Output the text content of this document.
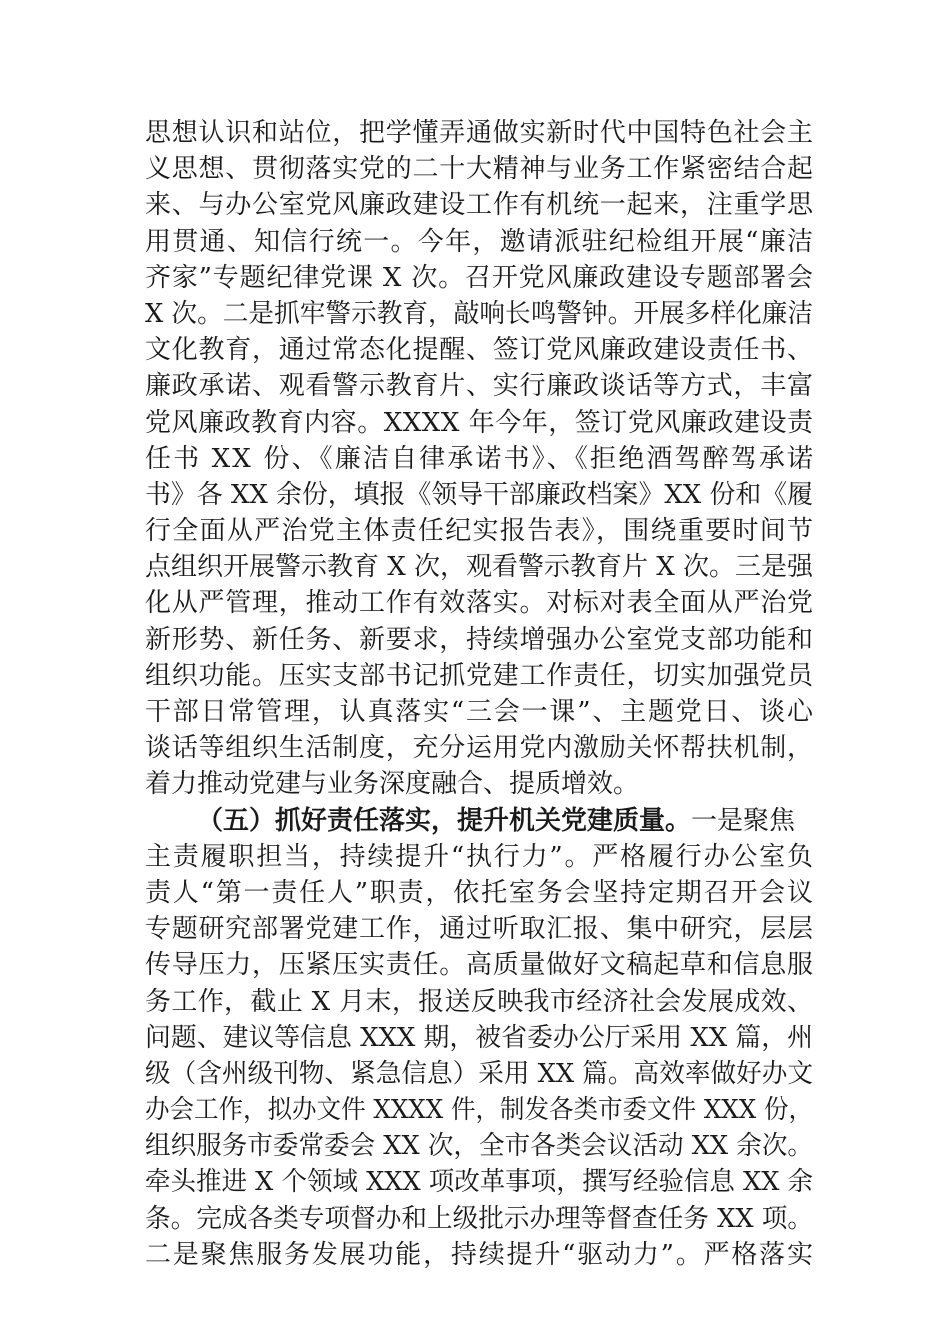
思想认识和站位，把学懂弄通做实新时代中国特色社会主
义思想、贯彻落实党的二十大精神与业务工作紧密结合起
来、与办公室党风廉政建设工作有机统一起来，注重学思
用贯通、知信行统一。今年，邀请派驻纪检组开展“廉洁
齐家”专题纪律党课 X 次。召开党风廉政建设专题部署会
X 次。二是抓牢警示教育，敲响长鸣警钟。开展多样化廉洁
文化教育，通过常态化提醒、签订党风廉政建设责任书、
廉政承诺、观看警示教育片、实行廉政谈话等方式，丰富
党风廉政教育内容。XXXX 年今年，签订党风廉政建设责
任书 XX 份、《廉洁自律承诺书》、《拒绝酒驾醉驾承诺
书》各 XX 余份，填报《领导干部廉政档案》XX 份和《履
行全面从严治党主体责任纪实报告表》，围绕重要时间节
点组织开展警示教育 X 次，观看警示教育片 X 次。三是强
化从严管理，推动工作有效落实。对标对表全面从严治党
新形势、新任务、新要求，持续增强办公室党支部功能和
组织功能。压实支部书记抓党建工作责任，切实加强党员
干部日常管理，认真落实“三会一课”、主题党日、谈心
谈话等组织生活制度，充分运用党内激励关怀帮扶机制，
着力推动党建与业务深度融合、提质增效。
（五）抓好责任落实，提升机关党建质量。 一是聚焦
主责履职担当，持续提升“执行力”。严格履行办公室负
责人“第一责任人”职责，依托室务会坚持定期召开会议
专题研究部署党建工作，通过听取汇报、集中研究，层层
传导压力，压紧压实责任。高质量做好文稿起草和信息服
务工作，截止 X 月末，报送反映我市经济社会发展成效、
问题、建议等信息 XXX 期，被省委办公厅采用 XX 篇，州
级（含州级刊物、紧急信息）采用 XX 篇。高效率做好办文
办会工作，拟办文件 XXXX 件，制发各类市委文件 XXX 份，
组织服务市委常委会 XX 次，全市各类会议活动 XX 余次。
牵头推进 X 个领域 XXX 项改革事项，撰写经验信息 XX 余
条。完成各类专项督办和上级批示办理等督查任务 XX 项。
二是聚焦服务发展功能，持续提升“驱动力”。严格落实
